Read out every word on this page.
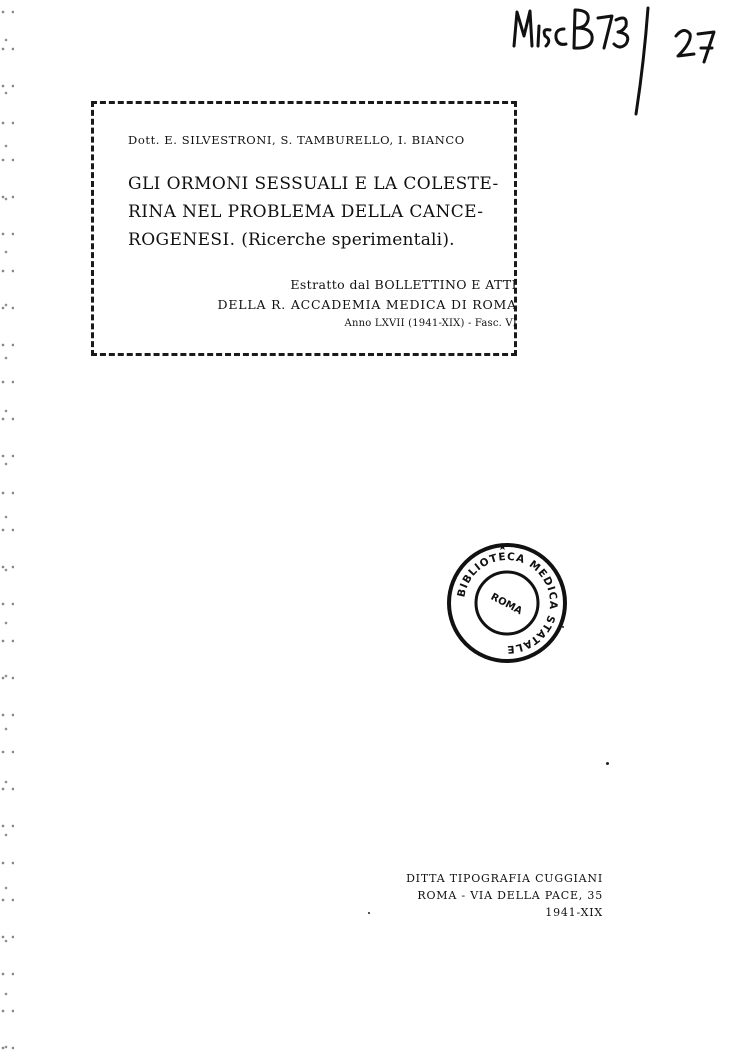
Dott. E. SILVESTRONI, S. TAMBURELLO, I. BIANCO
GLI ORMONI SESSUALI E LA COLESTE-
RINA NEL PROBLEMA DELLA CANCE-
ROGENESI. (Ricerche sperimentali).
Estratto dal BOLLETTINO E ATTI
DELLA R. ACCADEMIA MEDICA DI ROMA
Anno LXVII (1941-XIX) - Fasc. VI
BIBLIOTECA MEDICA STATALE
★
ROMA
DITTA TIPOGRAFIA CUGGIANI
ROMA - VIA DELLA PACE, 35
1941-XIX
